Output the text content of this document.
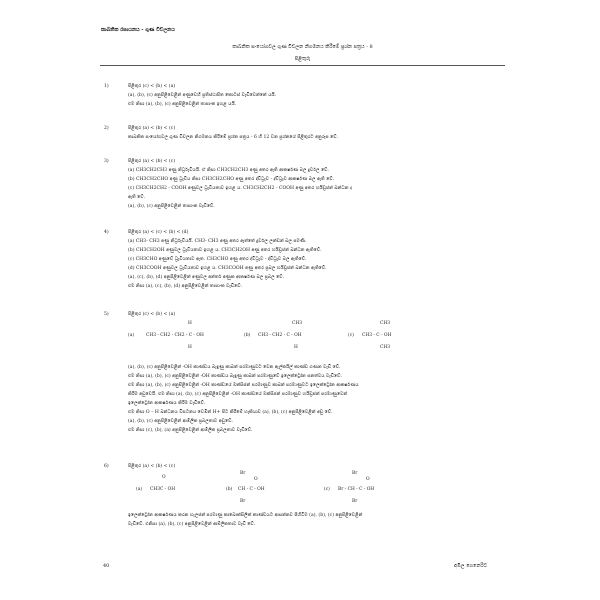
කාබනික රසායනය - ගුණ විචලනය
කාබනික සංයෝගවල ගුණ විචලන නිගමනය කිරීමේ ප්‍රශ්න පත්‍රය - 8
පිළිතුරු
1)	පිළිතුර (c) < (b) < (a)
(a), (b), (c) අනුපිළිවෙළින් අණුවෙහි ප්‍රතිස්ථාපිත කොටස් වැඩිවෙන්නේ යයි.
එම නිසා (a), (b), (c) අනුපිළිවෙළින් තාපාංක ඉහළ යයි.
2)	පිළිතුර (a) < (b) < (c)
කාබනික සංයෝගවල ගුණ විචලන නිගමනය කිරීමේ ප්‍රශ්න පත්‍රය - 6 හි 12 වන ප්‍රශ්නයේ පිළිතුරට අනුරූප වේ.
3)	පිළිතුර (a) < (b) < (c)
(a) CH3CH2CH3 අණු නිර්ධ්‍රැවීයයි. ඒ නිසා CH3CH2CH3 අණු අතර ඇති ආකර්ෂණ බල දුර්වල වේ.
(b) CH3CH2CHO අණු ධ්‍රැවීය නිසා CH3CH2CHO අණු අතර ද්විධ්‍රැව - ද්විධ්‍රැව ආකර්ෂණ බල ඇති වේ.
(c) CH3CH2CH2 - COOH අණුවල ධ්‍රැවීයතාව ඉහළ ය. CH3CH2CH2 - COOH අණු අතර හයිඩ්‍රජන් බන්ධන ද
ඇති වේ.
(a), (b), (c) අනුපිළිවෙළින් තාපාංක වැඩිවේ.
4)	පිළිතුර (a) < (c) < (b) < (d)
(a) CH3- CH3 අණු නිර්ධ්‍රැවීයයි. CH3- CH3 අණු අතර ඇත්තේ දුර්වල ලන්ඩන් බල පමණි.
(b) CH3CH2OH අණුවල ධ්‍රැවීයතාව ඉහළ ය. CH3CH2OH අණු අතර හයිඩ්‍රජන් බන්ධන ඇතිවේ.
(c) CH3CHO අණුවේ ධ්‍රැවීයතාව ඇත. CH3CHO අණු අතර ද්විධ්‍රැව - ද්විධ්‍රැව බල ඇතිවේ.
(d) CH3COOH අණුවල ධ්‍රැවීයතාව ඉහළ ය. CH3COOH අණු අතර ප්‍රබල හයිඩ්‍රජන් බන්ධන ඇතිවේ.
(a), (c), (b), (d) අනුපිළිවෙළින් අණුවල අන්තර් අණුක ආකර්ෂණ බල ප්‍රබල වේ.
එම නිසා (a), (c), (b), (d) අනුපිළිවෙළින් තාපාංක වැඩිවේ.
5)	පිළිතුර (c) < (b) < (a)
(a)
H
CH3 - CH2 - CH2 - C - OH
H
(b)
CH3
CH3 - CH2 - C - OH
H
(c)
CH3
CH3 - C - OH
CH3
(a), (b), (c) අනුපිළිවෙළින් -OH කාණ්ඩය බැඳුණු කාබන් පරමාණුවට වෙන ඇල්කයිල් කාණ්ඩ ගණන වැඩි වේ.
එම නිසා (a), (b), (c) අනුපිළිවෙළින් -OH කාණ්ඩය බැඳුණු කාබන් පරමාණුවේ ඉලෙක්ට්‍රෝන ඝනත්වය වැඩිවේ.
එම නිසා (a), (b), (c) අනුපිළිවෙළින් -OH කාණ්ඩයේ ඔක්සිජන් පරමාණුව කාබන් පරමාණුවට ඉලෙක්ට්‍රෝන ආකර්ෂණය
කිරීම අඩුවෙයි. එම නිසා (a), (b), (c) අනුපිළිවෙළින් -OH කාණ්ඩයේ ඔක්සිජන් පරමාණුව හයිඩ්‍රජන් පරමාණුවෙන්
ඉලෙක්ට්‍රෝන ආකර්ෂණය කිරීම වැඩිවේ.
එම නිසා O – H බන්ධනය විඝටනය වෙමින් H+ පිට කිරීමේ හැකියාව (a), (b), (c) අනුපිළිවෙළින් අඩු වේ.
(a), (b), (c) අනුපිළිවෙළින් ආම්ලික ප්‍රබලතාව අඩුවේ.
එම නිසා (c), (b), (a) අනුපිළිවෙළින් ආම්ලික ප්‍රබලතාව වැඩිවේ.
6)	පිළිතුර (a) < (b) < (c)
(a)
O
CH3C - OH	(b)
Br
O
CH - C - OH
Br
(c)
Br
O
Br - CH - C - OH
Br
ඉලෙක්ට්‍රෝන ආකර්ෂණය කරන හැලජන් පරමාණු කාබොක්සිලික් කාණ්ඩයට ආසන්නව පිහිටීම (a), (b), (c) අනුපිළිවෙළින්
වැඩිවේ. එනිසා (a), (b), (c) අනුපිළිවෙළින් ආම්ලිකතාව වැඩි වේ.
40	අමිල ගෙනෙරිට
